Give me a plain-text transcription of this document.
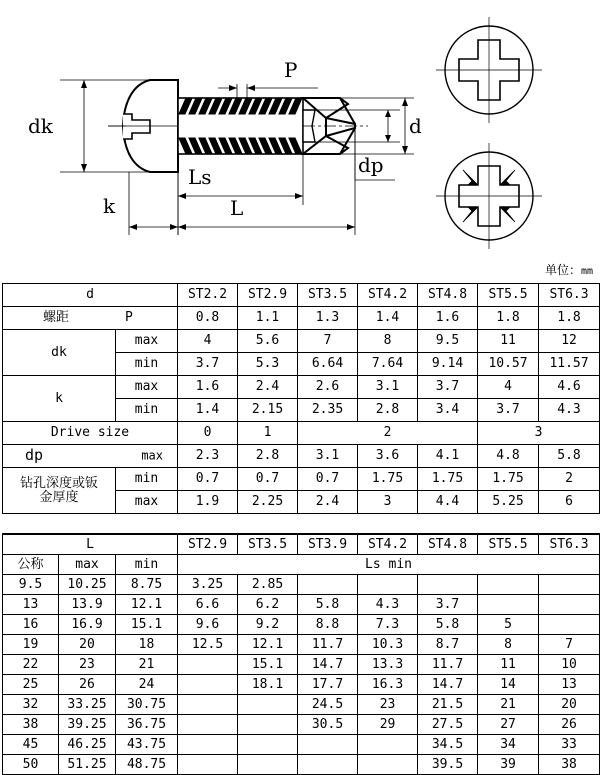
dk
k
Ls
L
P
d
dp
单位：mm
d		ST2.2	ST2.9	ST3.5	ST4.2	ST4.8	ST5.5	ST6.3

螺距 P		0.8	1.1	1.3	1.4	1.6	1.8	1.8
dk	max	4	5.6	7	8	9.5	11	12
	min	3.7	5.3	6.64	7.64	9.14	10.57	11.57
k	max	1.6	2.4	2.6	3.1	3.7	4	4.6
	min	1.4	2.15	2.35	2.8	3.4	3.7	4.3
Drive size		0	1	2			3	

dp max		2.3	2.8	3.1	3.6	4.1	4.8	5.8

钻孔深度或钣
金厚度	min	0.7	0.7	0.7	1.75	1.75	1.75	2
	max	1.9	2.25	2.4	3	4.4	5.25	6
L			ST2.9	ST3.5	ST3.9	ST4.2	ST4.8	ST5.5	ST6.3
公称	max	min	Ls min						
9.5	10.25	8.75	3.25	2.85					
13	13.9	12.1	6.6	6.2	5.8	4.3	3.7		
16	16.9	15.1	9.6	9.2	8.8	7.3	5.8	5	
19	20	18	12.5	12.1	11.7	10.3	8.7	8	7
22	23	21		15.1	14.7	13.3	11.7	11	10
25	26	24		18.1	17.7	16.3	14.7	14	13
32	33.25	30.75			24.5	23	21.5	21	20
38	39.25	36.75			30.5	29	27.5	27	26
45	46.25	43.75					34.5	34	33
50	51.25	48.75					39.5	39	38
